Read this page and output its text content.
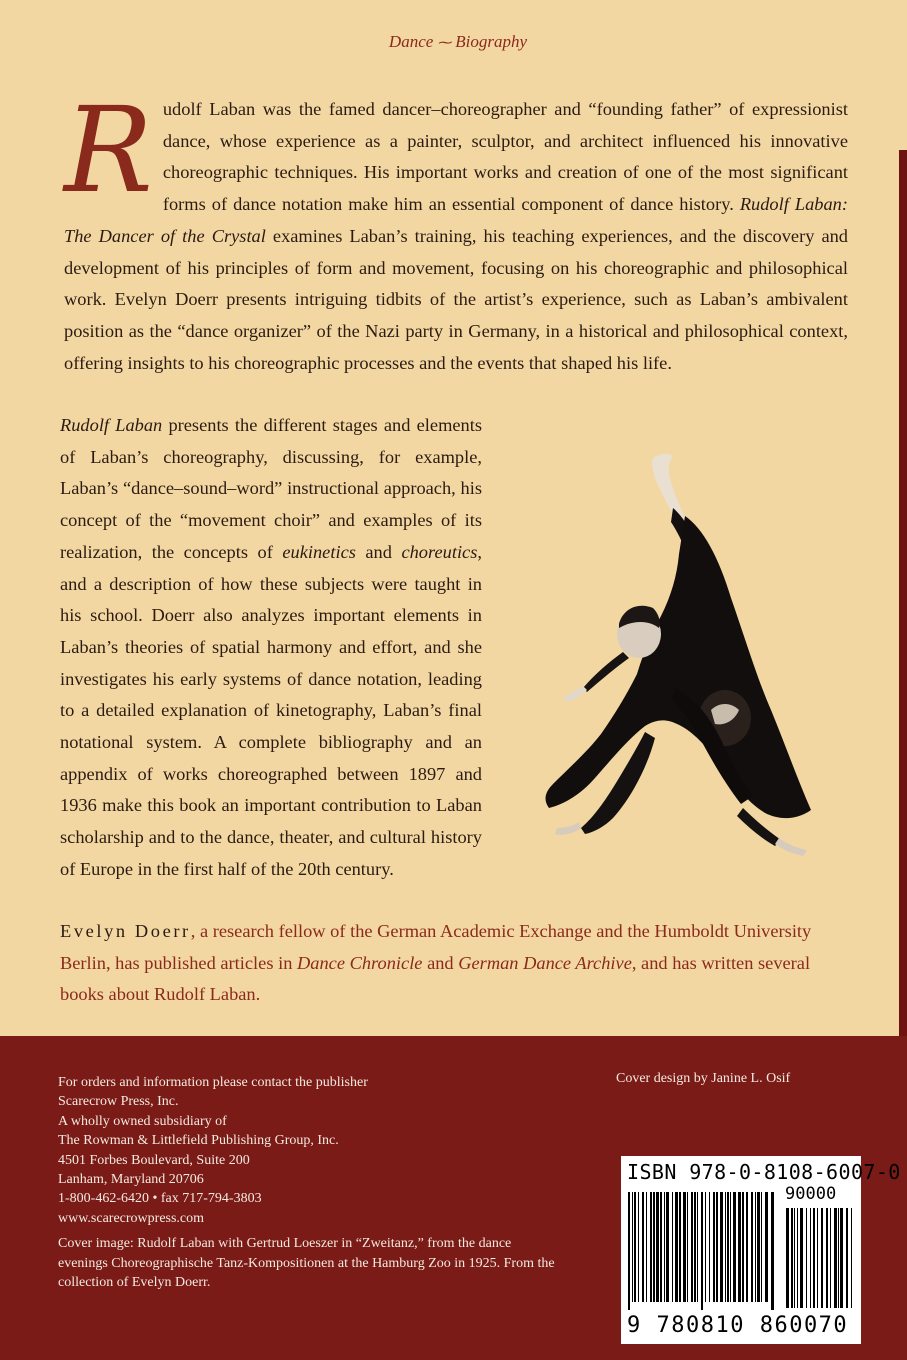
Dance ⁓ Biography
Rudolf Laban was the famed dancer–choreographer and “founding father” of expressionist dance, whose experience as a painter, sculptor, and architect influenced his innovative choreographic techniques. His important works and creation of one of the most significant forms of dance notation make him an essential component of dance history. Rudolf Laban: The Dancer of the Crystal examines Laban’s training, his teaching experiences, and the discovery and development of his principles of form and movement, focusing on his choreographic and philosophical work. Evelyn Doerr presents intriguing tidbits of the artist’s experience, such as Laban’s ambivalent position as the “dance organizer” of the Nazi party in Germany, in a historical and philosophical context, offering insights to his choreographic processes and the events that shaped his life.
Rudolf Laban presents the different stages and elements of Laban’s choreography, discussing, for example, Laban’s “dance–sound–word” instructional approach, his concept of the “movement choir” and examples of its realization, the concepts of eukinetics and choreutics, and a description of how these subjects were taught in his school. Doerr also analyzes important elements in Laban’s theories of spatial harmony and effort, and she investigates his early systems of dance notation, leading to a detailed explanation of kinetography, Laban’s final notational system. A complete bibliography and an appendix of works choreographed between 1897 and 1936 make this book an important contribution to Laban scholarship and to the dance, theater, and cultural history of Europe in the first half of the 20th century.
Evelyn Doerr, a research fellow of the German Academic Exchange and the Humboldt University Berlin, has published articles in Dance Chronicle and German Dance Archive, and has written several books about Rudolf Laban.
For orders and information please contact the publisher
Scarecrow Press, Inc.
A wholly owned subsidiary of
The Rowman & Littlefield Publishing Group, Inc.
4501 Forbes Boulevard, Suite 200
Lanham, Maryland 20706
1-800-462-6420 • fax 717-794-3803
www.scarecrowpress.com
Cover image: Rudolf Laban with Gertrud Loeszer in “Zweitanz,” from the dance evenings Choreographische Tanz-Kompositionen at the Hamburg Zoo in 1925. From the collection of Evelyn Doerr.
Cover design by Janine L. Osif
ISBN 978-0-8108-6007-0
90000
9 780810 860070
